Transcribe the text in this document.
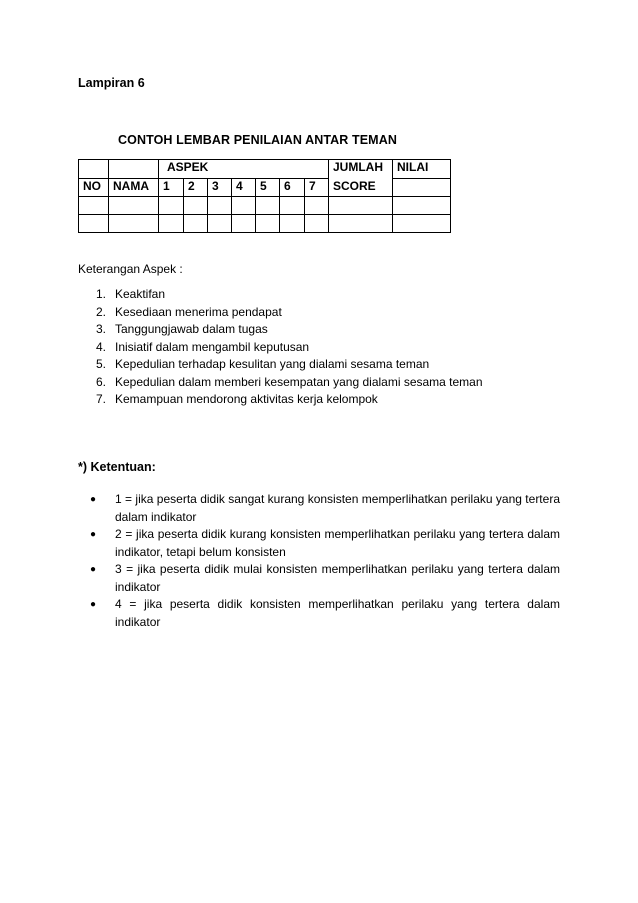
Lampiran 6
CONTOH LEMBAR PENILAIAN ANTAR TEMAN
		ASPEK							JUMLAH	NILAI
NO	NAMA	1	2	3	4	5	6	7	SCORE	

Keterangan Aspek :
1. Keaktifan
2. Kesediaan menerima pendapat
3. Tanggungjawab dalam tugas
4. Inisiatif dalam mengambil keputusan
5. Kepedulian terhadap kesulitan yang dialami sesama teman
6. Kepedulian dalam memberi kesempatan yang dialami sesama teman
7. Kemampuan mendorong aktivitas kerja kelompok
*) Ketentuan:
● 1 = jika peserta didik sangat kurang konsisten memperlihatkan perilaku yang tertera dalam indikator
● 2 = jika peserta didik kurang konsisten memperlihatkan perilaku yang tertera dalam indikator, tetapi belum konsisten
● 3 = jika peserta didik mulai konsisten memperlihatkan perilaku yang tertera dalam indikator
● 4 = jika peserta didik konsisten memperlihatkan perilaku yang tertera dalam indikator
